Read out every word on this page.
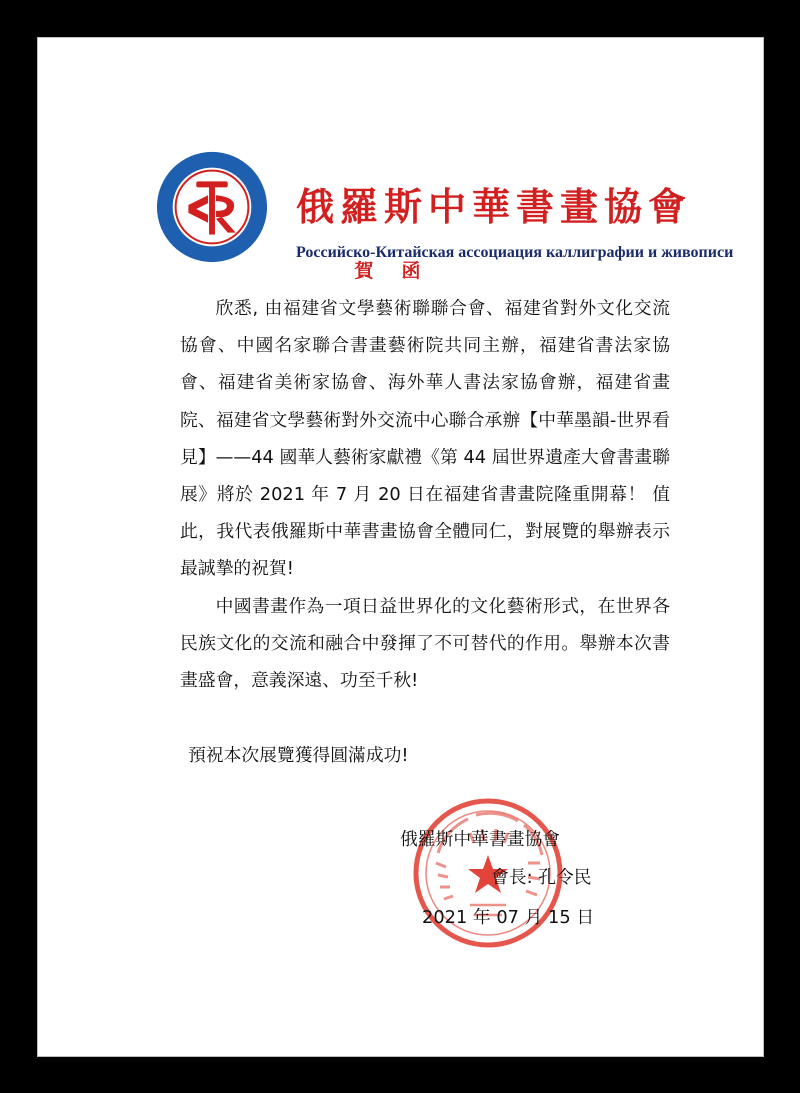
俄羅斯中華書畫協會
Российско-Китайская ассоциация каллиграфии и живописи
賀函

欣悉, 由福建省文學藝術聯聯合會、福建省對外文化交流協會、中國名家聯合書畫藝術院共同主辦，福建省書法家協會、福建省美術家協會、海外華人書法家協會辦，福建省畫院、福建省文學藝術對外交流中心聯合承辦【中華墨韻-世界看見】——44 國華人藝術家獻禮《第 44 屆世界遺產大會書畫聯展》將於 2021 年 7 月 20 日在福建省書畫院隆重開幕！ 值此，我代表俄羅斯中華書畫協會全體同仁，對展覽的舉辦表示最誠摯的祝賀!

中國書畫作為一項日益世界化的文化藝術形式，在世界各民族文化的交流和融合中發揮了不可替代的作用。舉辦本次書畫盛會，意義深遠、功至千秋!

預祝本次展覽獲得圓滿成功!
俄羅斯中華書畫協會
會長: 孔令民
2021 年 07 月 15 日
